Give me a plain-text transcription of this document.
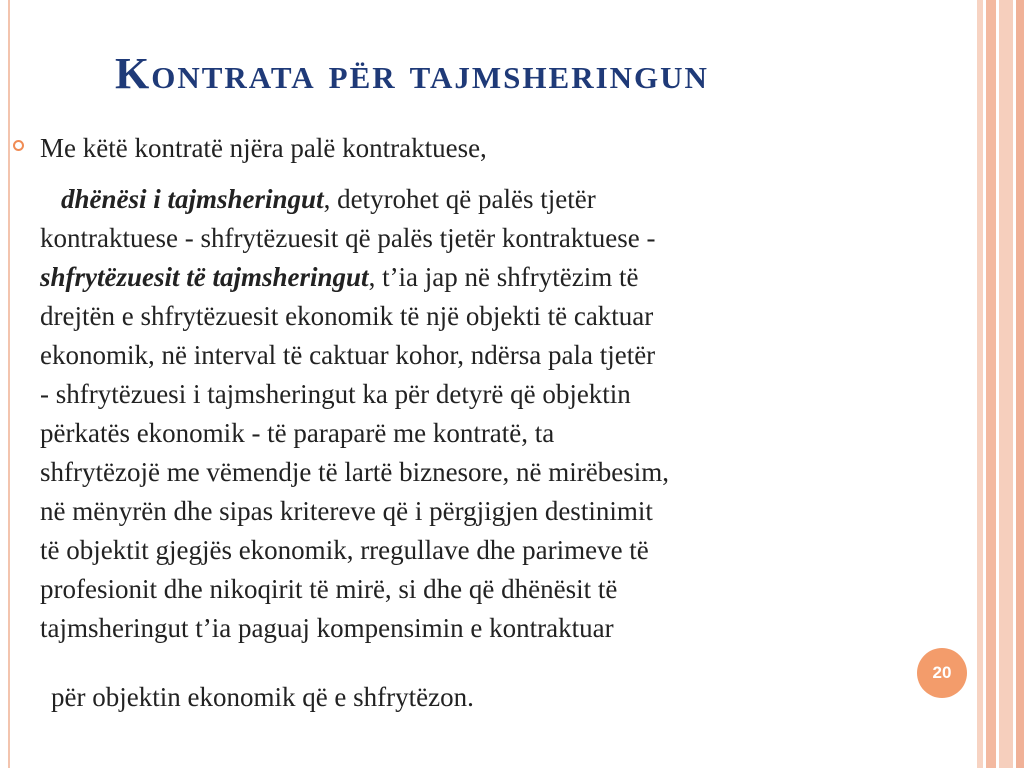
Kontrata për tajmsheringun
Me këtë kontratë njëra palë kontraktuese,
dhënësi i tajmsheringut, detyrohet që palës tjetër
kontraktuese - shfrytëzuesit që palës tjetër kontraktuese -
shfrytëzuesit të tajmsheringut, t’ia jap në shfrytëzim të
drejtën e shfrytëzuesit ekonomik të një objekti të caktuar
ekonomik, në interval të caktuar kohor, ndërsa pala tjetër
- shfrytëzuesi i tajmsheringut ka për detyrë që objektin
përkatës ekonomik - të paraparë me kontratë, ta
shfrytëzojë me vëmendje të lartë biznesore, në mirëbesim,
në mënyrën dhe sipas kritereve që i përgjigjen destinimit
të objektit gjegjës ekonomik, rregullave dhe parimeve të
profesionit dhe nikoqirit të mirë, si dhe që dhënësit të
tajmsheringut t’ia paguaj kompensimin e kontraktuar
për objektin ekonomik që e shfrytëzon.
20
